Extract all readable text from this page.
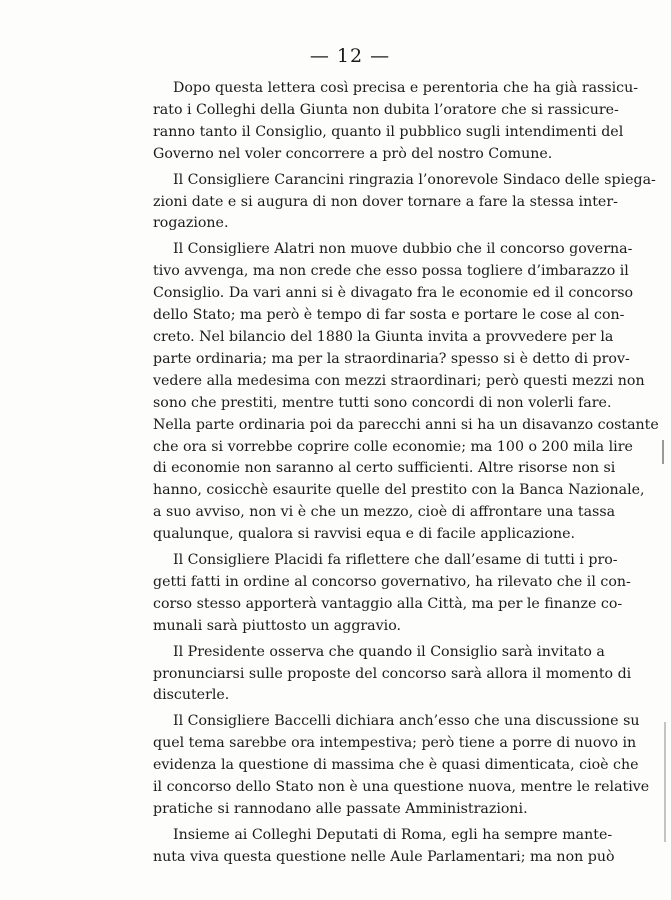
— 12 —
Dopo questa lettera così precisa e perentoria che ha già rassicu-
rato i Colleghi della Giunta non dubita l’oratore che si rassicure-
ranno tanto il Consiglio, quanto il pubblico sugli intendimenti del
Governo nel voler concorrere a prò del nostro Comune.
Il Consigliere Carancini ringrazia l’onorevole Sindaco delle spiega-
zioni date e si augura di non dover tornare a fare la stessa inter-
rogazione.
Il Consigliere Alatri non muove dubbio che il concorso governa-
tivo avvenga, ma non crede che esso possa togliere d’imbarazzo il
Consiglio. Da vari anni si è divagato fra le economie ed il concorso
dello Stato; ma però è tempo di far sosta e portare le cose al con-
creto. Nel bilancio del 1880 la Giunta invita a provvedere per la
parte ordinaria; ma per la straordinaria? spesso si è detto di prov-
vedere alla medesima con mezzi straordinari; però questi mezzi non
sono che prestiti, mentre tutti sono concordi di non volerli fare.
Nella parte ordinaria poi da parecchi anni si ha un disavanzo costante
che ora si vorrebbe coprire colle economie; ma 100 o 200 mila lire
di economie non saranno al certo sufficienti. Altre risorse non si
hanno, cosicchè esaurite quelle del prestito con la Banca Nazionale,
a suo avviso, non vi è che un mezzo, cioè di affrontare una tassa
qualunque, qualora si ravvisi equa e di facile applicazione.
Il Consigliere Placidi fa riflettere che dall’esame di tutti i pro-
getti fatti in ordine al concorso governativo, ha rilevato che il con-
corso stesso apporterà vantaggio alla Città, ma per le finanze co-
munali sarà piuttosto un aggravio.
Il Presidente osserva che quando il Consiglio sarà invitato a
pronunciarsi sulle proposte del concorso sarà allora il momento di
discuterle.
Il Consigliere Baccelli dichiara anch’esso che una discussione su
quel tema sarebbe ora intempestiva; però tiene a porre di nuovo in
evidenza la questione di massima che è quasi dimenticata, cioè che
il concorso dello Stato non è una questione nuova, mentre le relative
pratiche si rannodano alle passate Amministrazioni.
Insieme ai Colleghi Deputati di Roma, egli ha sempre mante-
nuta viva questa questione nelle Aule Parlamentari; ma non può
